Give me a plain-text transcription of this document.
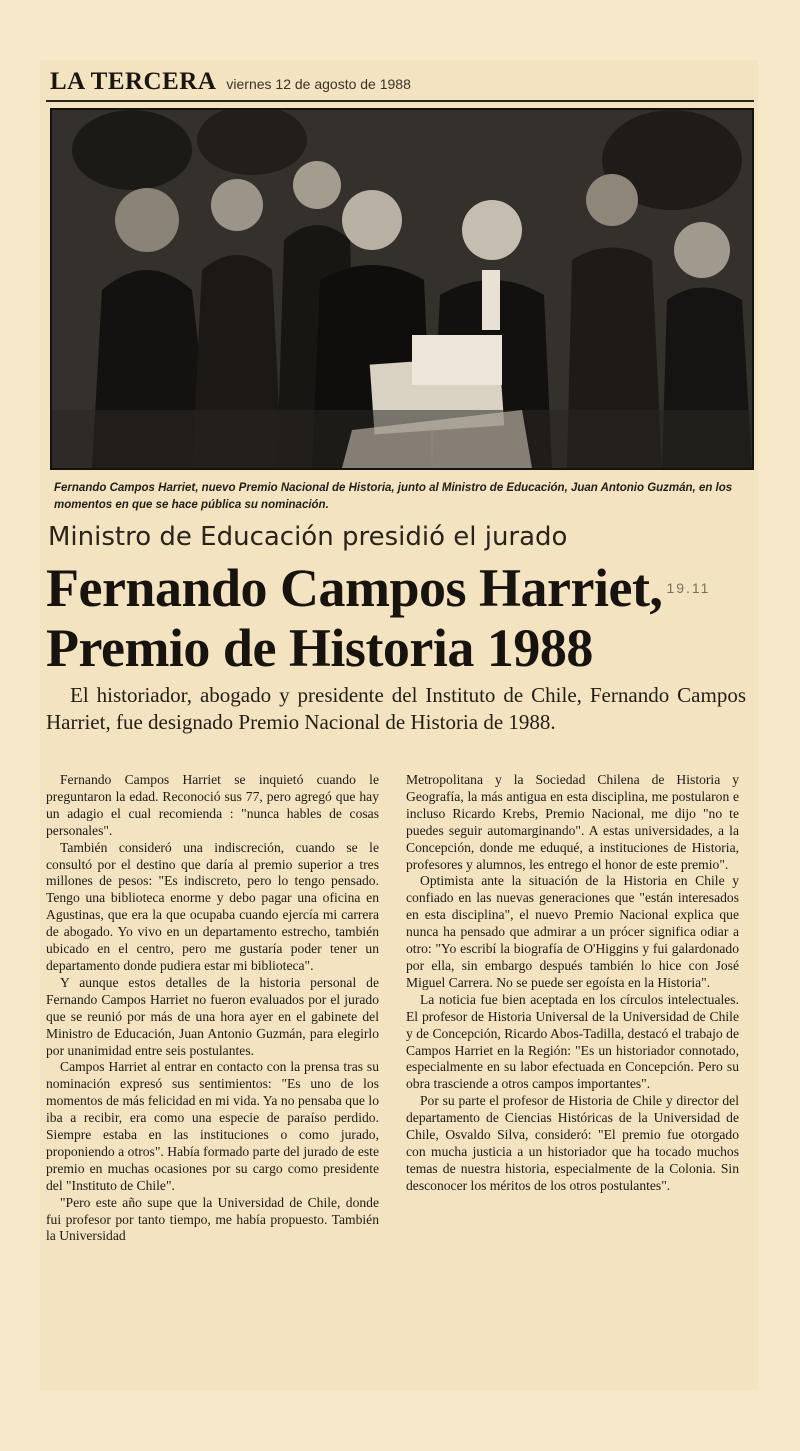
LA TERCERA viernes 12 de agosto de 1988
Fernando Campos Harriet, nuevo Premio Nacional de Historia, junto al Ministro de Educación, Juan Antonio Guzmán, en los momentos en que se hace pública su nominación.
Ministro de Educación presidió el jurado
Fernando Campos Harriet, $^{19.11}$
Premio de Historia 1988
El historiador, abogado y presidente del Instituto de Chile, Fernando Campos Harriet, fue designado Premio Nacional de Historia de 1988.

Fernando Campos Harriet se inquietó cuando le preguntaron la edad. Reconoció sus 77, pero agregó que hay un adagio el cual recomienda : "nunca hables de cosas personales".

También consideró una indiscreción, cuando se le consultó por el destino que daría al premio superior a tres millones de pesos: "Es indiscreto, pero lo tengo pensado. Tengo una biblioteca enorme y debo pagar una oficina en Agustinas, que era la que ocupaba cuando ejercía mi carrera de abogado. Yo vivo en un departamento estrecho, también ubicado en el centro, pero me gustaría poder tener un departamento donde pudiera estar mi biblioteca".

Y aunque estos detalles de la historia personal de Fernando Campos Harriet no fueron evaluados por el jurado que se reunió por más de una hora ayer en el gabinete del Ministro de Educación, Juan Antonio Guzmán, para elegirlo por unanimidad entre seis postulantes.

Campos Harriet al entrar en contacto con la prensa tras su nominación expresó sus sentimientos: "Es uno de los momentos de más felicidad en mi vida. Ya no pensaba que lo iba a recibir, era como una especie de paraíso perdido. Siempre estaba en las instituciones o como jurado, proponiendo a otros". Había formado parte del jurado de este premio en muchas ocasiones por su cargo como presidente del "Instituto de Chile".

"Pero este año supe que la Universidad de Chile, donde fui profesor por tanto tiempo, me había propuesto. También la Universidad

Metropolitana y la Sociedad Chilena de Historia y Geografía, la más antigua en esta disciplina, me postularon e incluso Ricardo Krebs, Premio Nacional, me dijo "no te puedes seguir automarginando". A estas universidades, a la Concepción, donde me eduqué, a instituciones de Historia, profesores y alumnos, les entrego el honor de este premio".

Optimista ante la situación de la Historia en Chile y confiado en las nuevas generaciones que "están interesados en esta disciplina", el nuevo Premio Nacional explica que nunca ha pensado que admirar a un prócer significa odiar a otro: "Yo escribí la biografía de O'Higgins y fui galardonado por ella, sin embargo después también lo hice con José Miguel Carrera. No se puede ser egoísta en la Historia".

La noticia fue bien aceptada en los círculos intelectuales. El profesor de Historia Universal de la Universidad de Chile y de Concepción, Ricardo Abos-Tadilla, destacó el trabajo de Campos Harriet en la Región: "Es un historiador connotado, especialmente en su labor efectuada en Concepción. Pero su obra trasciende a otros campos importantes".

Por su parte el profesor de Historia de Chile y director del departamento de Ciencias Históricas de la Universidad de Chile, Osvaldo Silva, consideró: "El premio fue otorgado con mucha justicia a un historiador que ha tocado muchos temas de nuestra historia, especialmente de la Colonia. Sin desconocer los méritos de los otros postulantes".
